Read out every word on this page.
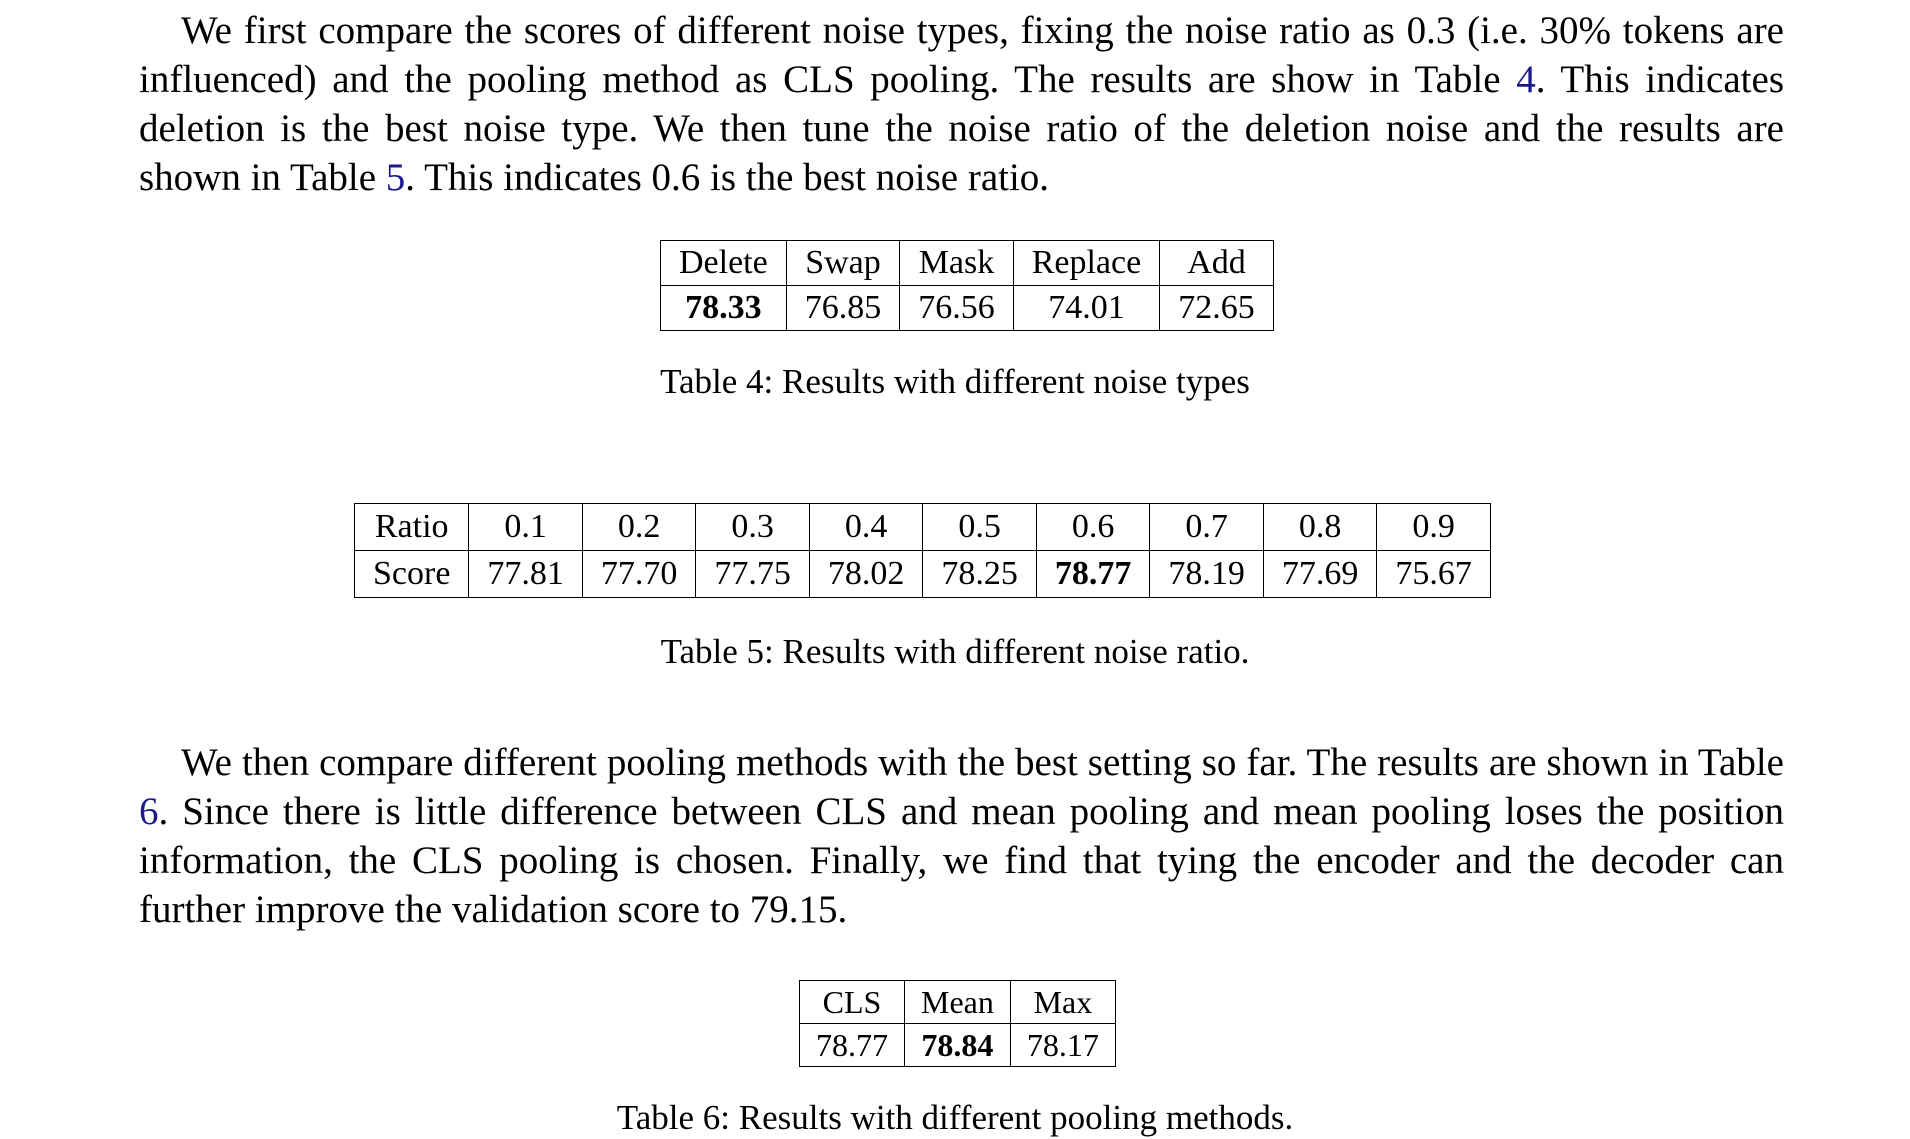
We first compare the scores of different noise types, fixing the noise ratio as 0.3 (i.e. 30% tokens are influenced) and the pooling method as CLS pooling. The results are show in Table 4. This indicates deletion is the best noise type. We then tune the noise ratio of the deletion noise and the results are shown in Table 5. This indicates 0.6 is the best noise ratio.

Delete	Swap	Mask	Replace	Add
78.33	76.85	76.56	74.01	72.65

Table 4: Results with different noise types

Ratio	0.1	0.2	0.3	0.4	0.5	0.6	0.7	0.8	0.9
Score	77.81	77.70	77.75	78.02	78.25	78.77	78.19	77.69	75.67

Table 5: Results with different noise ratio.

We then compare different pooling methods with the best setting so far. The results are shown in Table 6. Since there is little difference between CLS and mean pooling and mean pooling loses the position information, the CLS pooling is chosen. Finally, we find that tying the encoder and the decoder can further improve the validation score to 79.15.

CLS	Mean	Max
78.77	78.84	78.17

Table 6: Results with different pooling methods.
